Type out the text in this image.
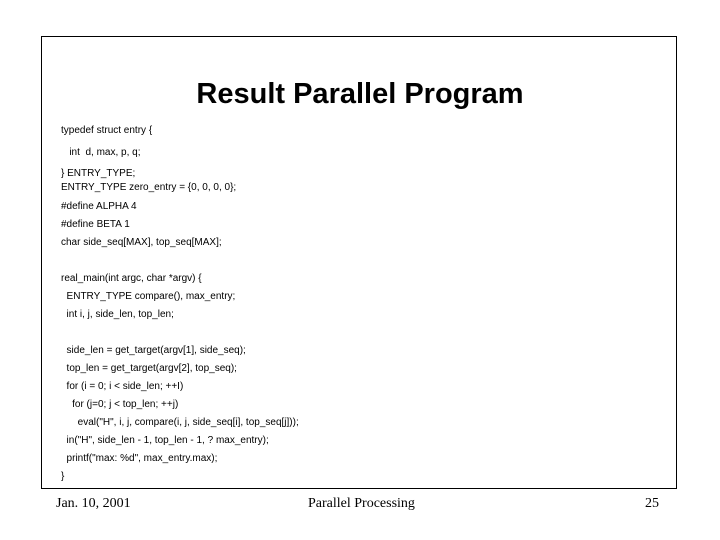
Result Parallel Program
typedef struct entry {
int  d, max, p, q;
} ENTRY_TYPE;
ENTRY_TYPE zero_entry = {0, 0, 0, 0};
#define ALPHA 4
#define BETA 1
char side_seq[MAX], top_seq[MAX];
real_main(int argc, char *argv) {
ENTRY_TYPE compare(), max_entry;
int i, j, side_len, top_len;
side_len = get_target(argv[1], side_seq);
top_len = get_target(argv[2], top_seq);
for (i = 0; i < side_len; ++I)
for (j=0; j < top_len; ++j)
eval("H", i, j, compare(i, j, side_seq[i], top_seq[j]));
in("H", side_len - 1, top_len - 1, ? max_entry);
printf("max: %d", max_entry.max);
}
Jan. 10, 2001	Parallel Processing	25
